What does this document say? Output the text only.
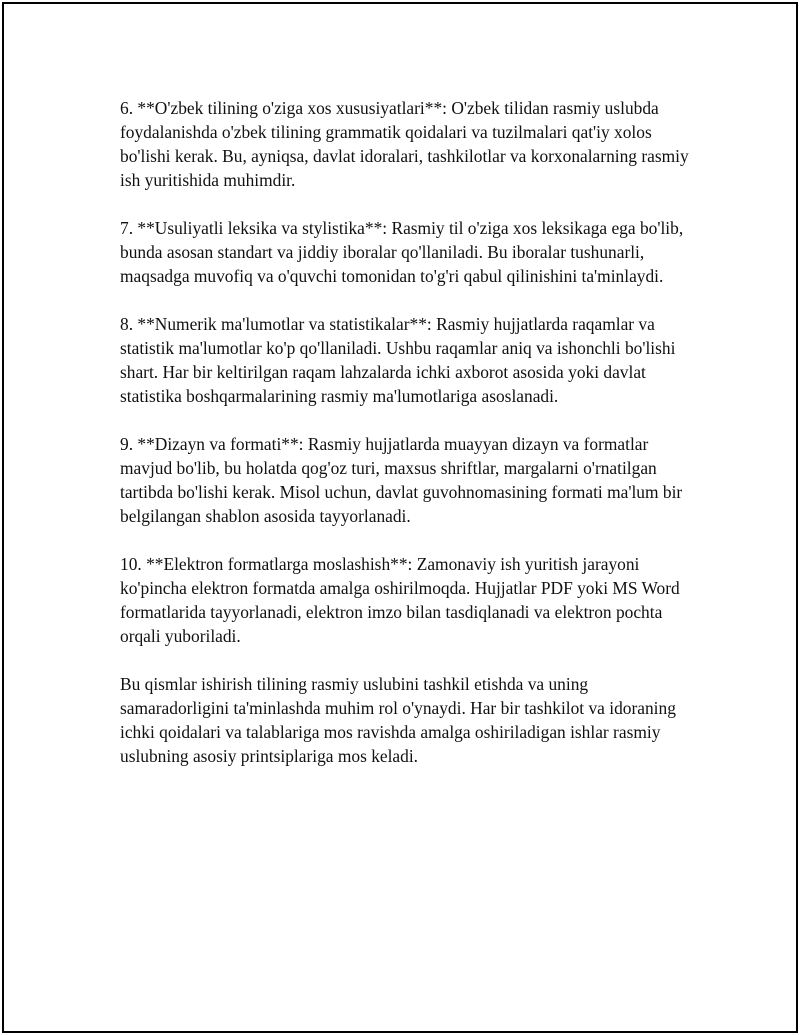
6. **O'zbek tilining o'ziga xos xususiyatlari**: O'zbek tilidan rasmiy uslubda foydalanishda o'zbek tilining grammatik qoidalari va tuzilmalari qat'iy xolos bo'lishi kerak. Bu, ayniqsa, davlat idoralari, tashkilotlar va korxonalarning rasmiy ish yuritishida muhimdir.

7. **Usuliyatli leksika va stylistika**: Rasmiy til o'ziga xos leksikaga ega bo'lib, bunda asosan standart va jiddiy iboralar qo'llaniladi. Bu iboralar tushunarli, maqsadga muvofiq va o'quvchi tomonidan to'g'ri qabul qilinishini ta'minlaydi.

8. **Numerik ma'lumotlar va statistikalar**: Rasmiy hujjatlarda raqamlar va statistik ma'lumotlar ko'p qo'llaniladi. Ushbu raqamlar aniq va ishonchli bo'lishi shart. Har bir keltirilgan raqam lahzalarda ichki axborot asosida yoki davlat statistika boshqarmalarining rasmiy ma'lumotlariga asoslanadi.

9. **Dizayn va formati**: Rasmiy hujjatlarda muayyan dizayn va formatlar mavjud bo'lib, bu holatda qog'oz turi, maxsus shriftlar, margalarni o'rnatilgan tartibda bo'lishi kerak. Misol uchun, davlat guvohnomasining formati ma'lum bir belgilangan shablon asosida tayyorlanadi.

10. **Elektron formatlarga moslashish**: Zamonaviy ish yuritish jarayoni ko'pincha elektron formatda amalga oshirilmoqda. Hujjatlar PDF yoki MS Word formatlarida tayyorlanadi, elektron imzo bilan tasdiqlanadi va elektron pochta orqali yuboriladi.

Bu qismlar ishirish tilining rasmiy uslubini tashkil etishda va uning samaradorligini ta'minlashda muhim rol o'ynaydi. Har bir tashkilot va idoraning ichki qoidalari va talablariga mos ravishda amalga oshiriladigan ishlar rasmiy uslubning asosiy printsiplariga mos keladi.
